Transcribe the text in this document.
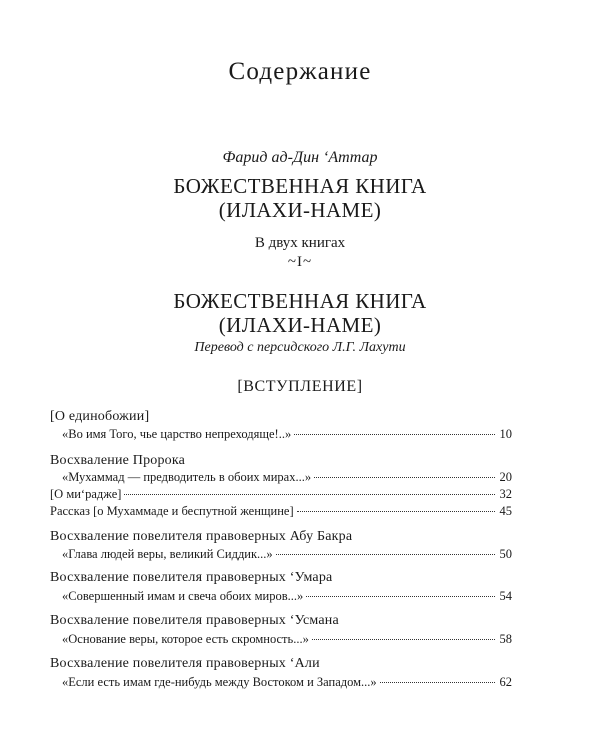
Содержание
Фарид ад-Дин ‘Аттар
БОЖЕСТВЕННАЯ КНИГА
(ИЛАХИ-НАМЕ)
В двух книгах
~I~
БОЖЕСТВЕННАЯ КНИГА
(ИЛАХИ-НАМЕ)
Перевод с персидского Л.Г. Лахути
[ВСТУПЛЕНИЕ]
[О единобожии]
«Во имя Того, чье царство непреходяще!..»	10
Восхваление Пророка
«Мухаммад — предводитель в обоих мирах...»	20
[О ми‘радже]	32
Рассказ [о Мухаммаде и беспутной женщине]	45
Восхваление повелителя правоверных Абу Бакра
«Глава людей веры, великий Сиддик...»	50
Восхваление повелителя правоверных ‘Умара
«Совершенный имам и свеча обоих миров...»	54
Восхваление повелителя правоверных ‘Усмана
«Основание веры, которое есть скромность...»	58
Восхваление повелителя правоверных ‘Али
«Если есть имам где-нибудь между Востоком и Западом...»	62
